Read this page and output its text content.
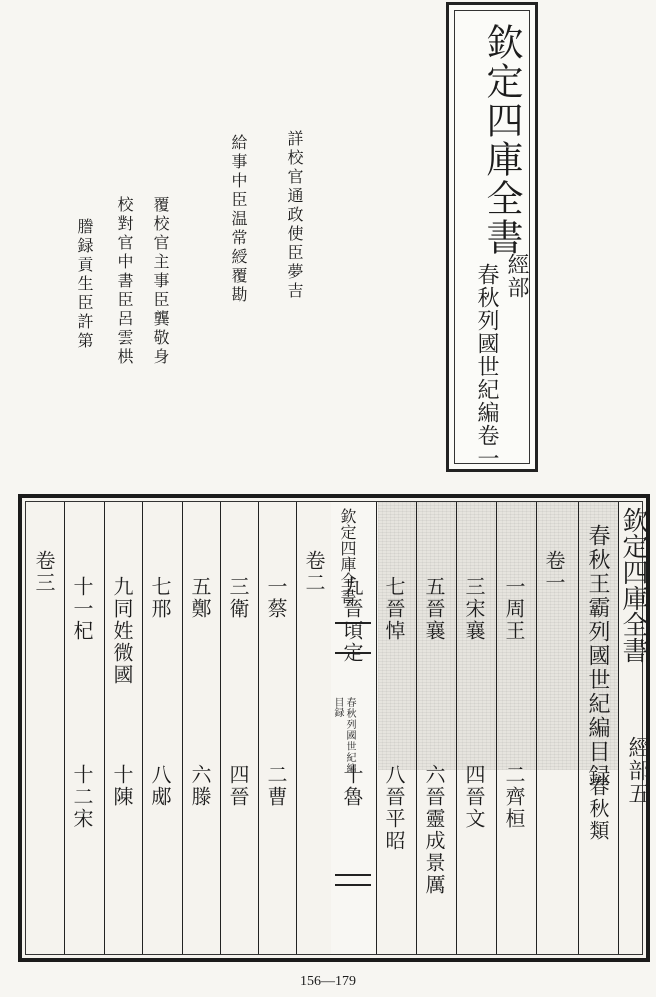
欽定四庫全書
經部
春秋列國世紀編卷一
詳校官通政使臣夢吉
給事中臣温常綬覆勘
覆校官主事臣龔敬身
校對官中書臣呂雲栱
謄録貢生臣許第
欽定四庫全書
春秋列國世紀編
目録
欽定四庫全書
經部五
春秋王霸列國世紀編目録
春秋類
卷一
一周王
二齊桓
三宋襄
四晉文
五晉襄
六晉靈成景厲
七晉悼
八晉平昭
九晉頃定
十魯
卷二
一蔡
二曹
三衛
四晉
五鄭
六滕
七邢
八郕
九同姓微國
十陳
十一杞
十二宋
卷三
156—179
